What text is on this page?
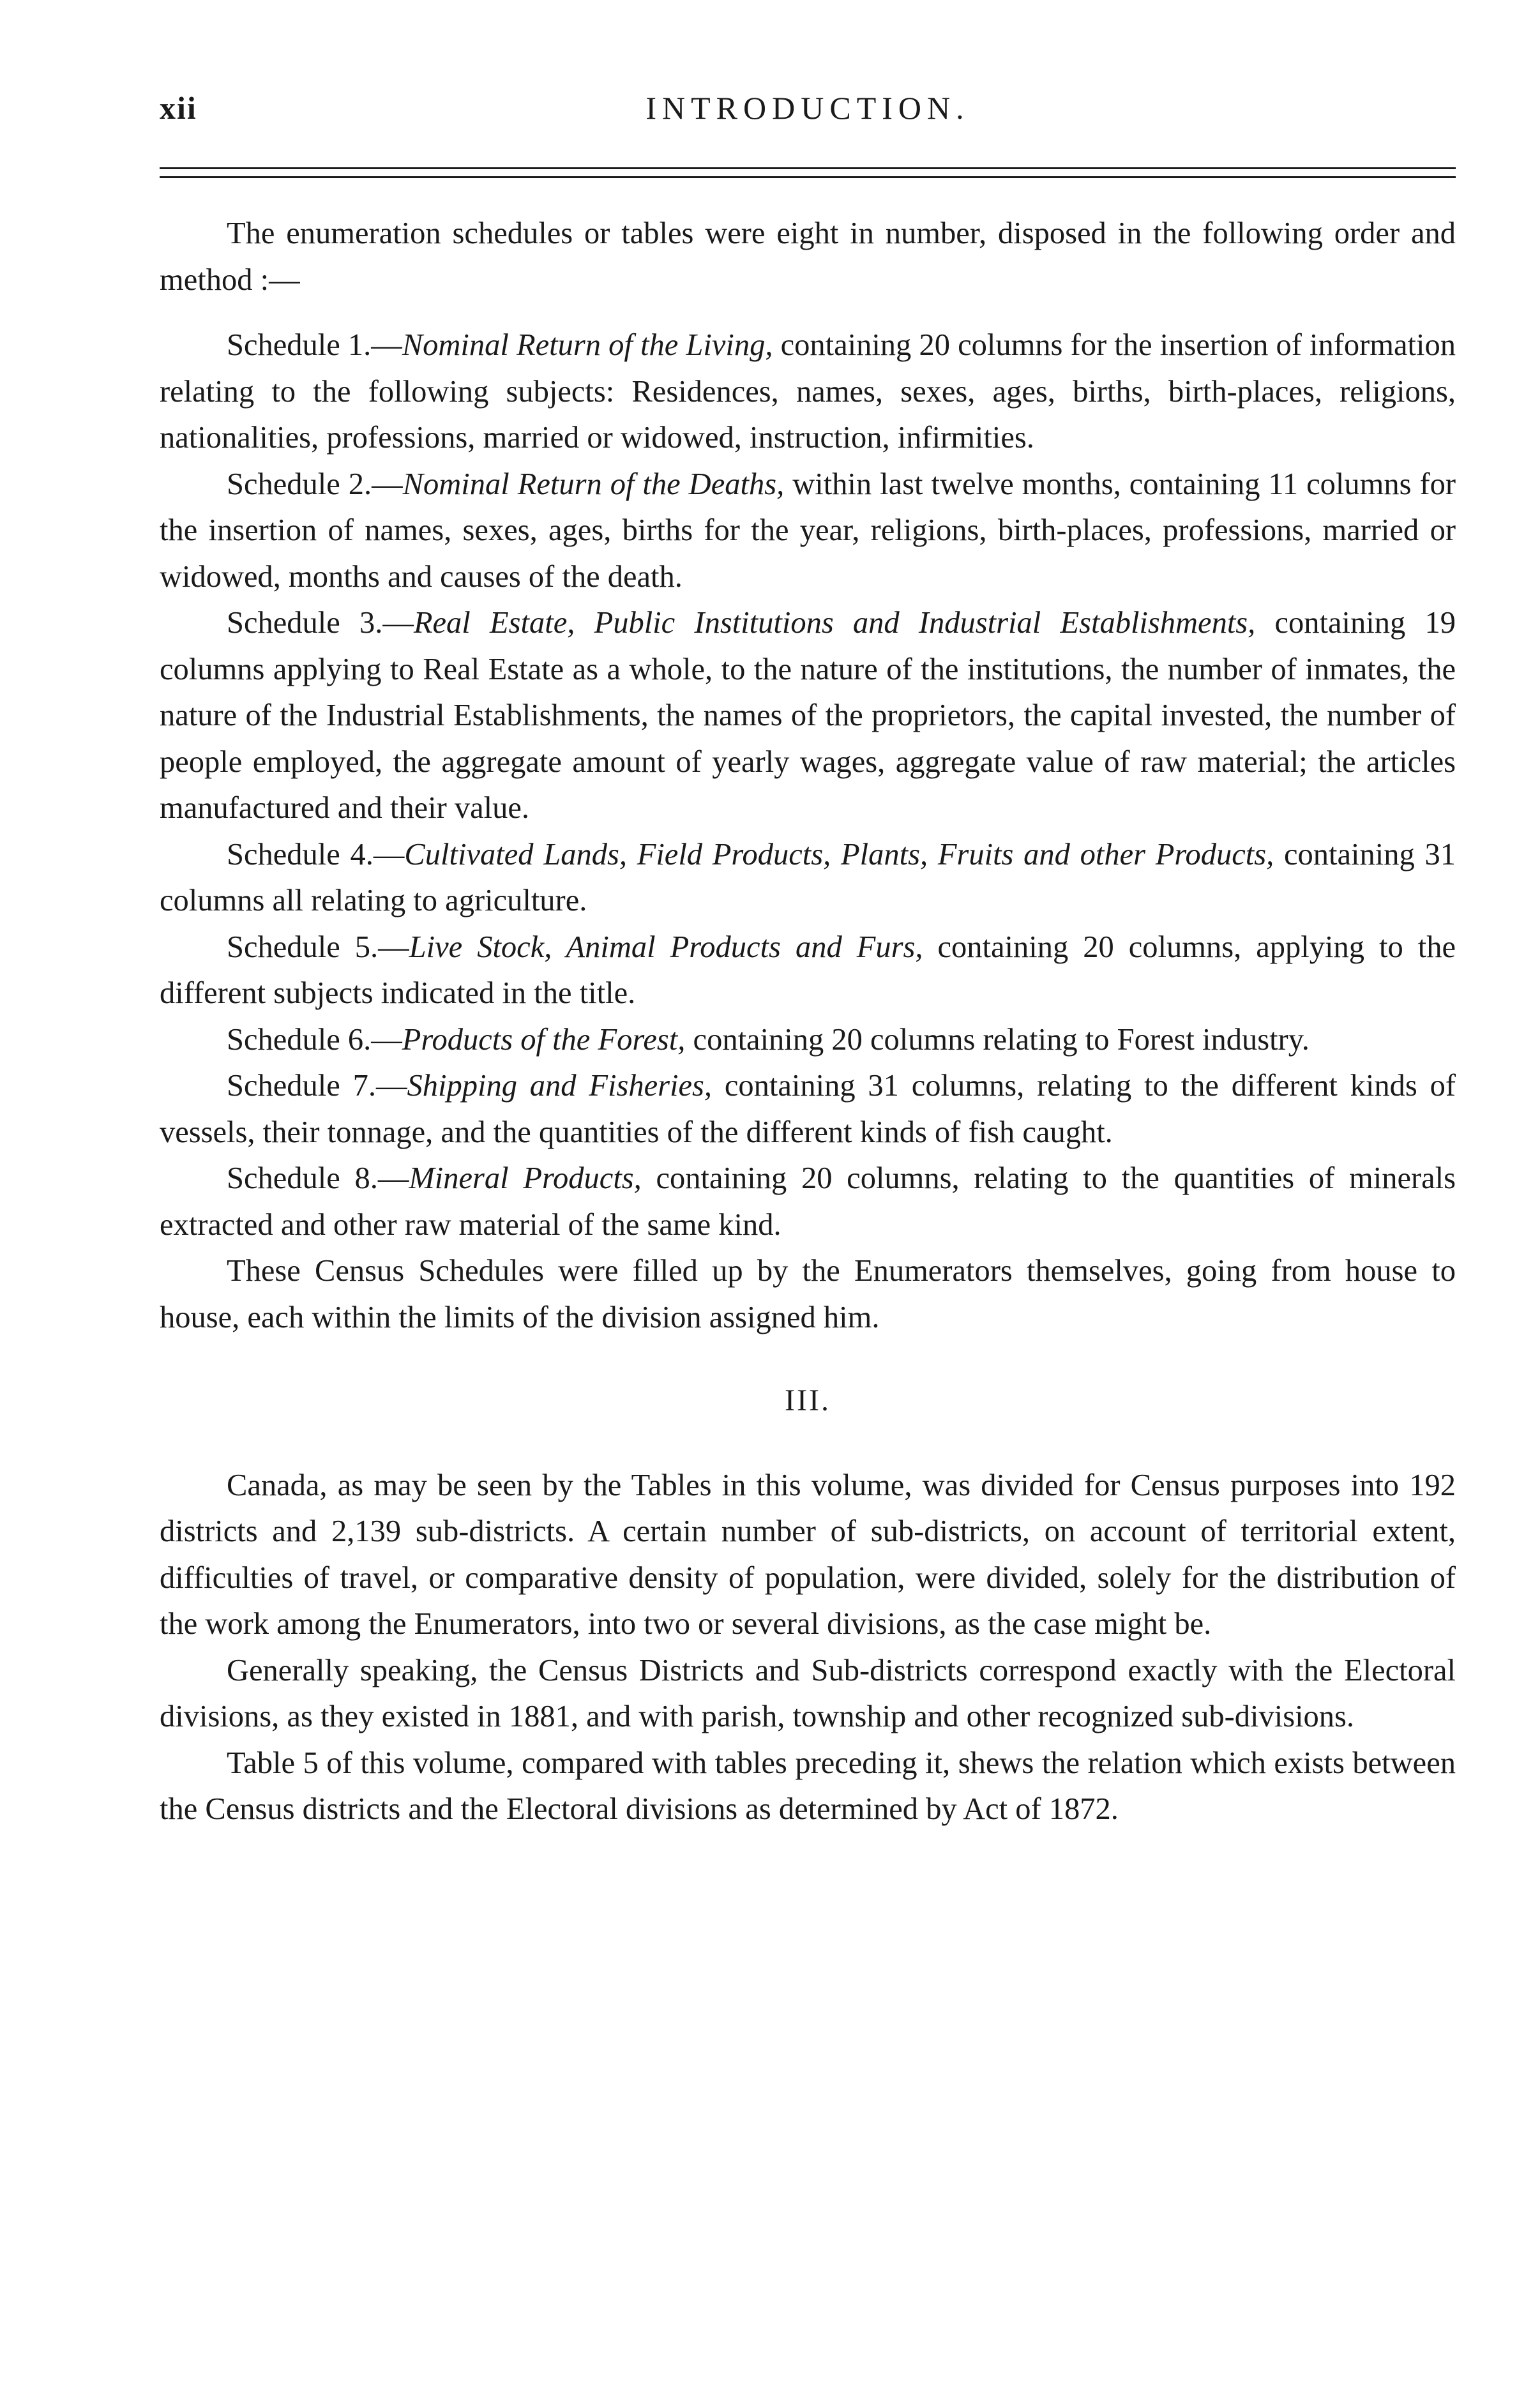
xii	INTRODUCTION.

The enumeration schedules or tables were eight in number, disposed in the following order and method :—

Schedule 1.—Nominal Return of the Living, containing 20 columns for the insertion of information relating to the following subjects: Residences, names, sexes, ages, births, birth-places, religions, nationalities, professions, married or widowed, instruction, infirmities.

Schedule 2.—Nominal Return of the Deaths, within last twelve months, containing 11 columns for the insertion of names, sexes, ages, births for the year, religions, birth-places, professions, married or widowed, months and causes of the death.

Schedule 3.—Real Estate, Public Institutions and Industrial Establishments, containing 19 columns applying to Real Estate as a whole, to the nature of the institutions, the number of inmates, the nature of the Industrial Establishments, the names of the proprietors, the capital invested, the number of people employed, the aggregate amount of yearly wages, aggregate value of raw material; the articles manufactured and their value.

Schedule 4.—Cultivated Lands, Field Products, Plants, Fruits and other Products, containing 31 columns all relating to agriculture.

Schedule 5.—Live Stock, Animal Products and Furs, containing 20 columns, applying to the different subjects indicated in the title.

Schedule 6.—Products of the Forest, containing 20 columns relating to Forest industry.

Schedule 7.—Shipping and Fisheries, containing 31 columns, relating to the different kinds of vessels, their tonnage, and the quantities of the different kinds of fish caught.

Schedule 8.—Mineral Products, containing 20 columns, relating to the quantities of minerals extracted and other raw material of the same kind.

These Census Schedules were filled up by the Enumerators themselves, going from house to house, each within the limits of the division assigned him.

III.

Canada, as may be seen by the Tables in this volume, was divided for Census purposes into 192 districts and 2,139 sub-districts. A certain number of sub-districts, on account of territorial extent, difficulties of travel, or comparative density of population, were divided, solely for the distribution of the work among the Enumerators, into two or several divisions, as the case might be.

Generally speaking, the Census Districts and Sub-districts correspond exactly with the Electoral divisions, as they existed in 1881, and with parish, township and other recognized sub-divisions.

Table 5 of this volume, compared with tables preceding it, shews the relation which exists between the Census districts and the Electoral divisions as determined by Act of 1872.
